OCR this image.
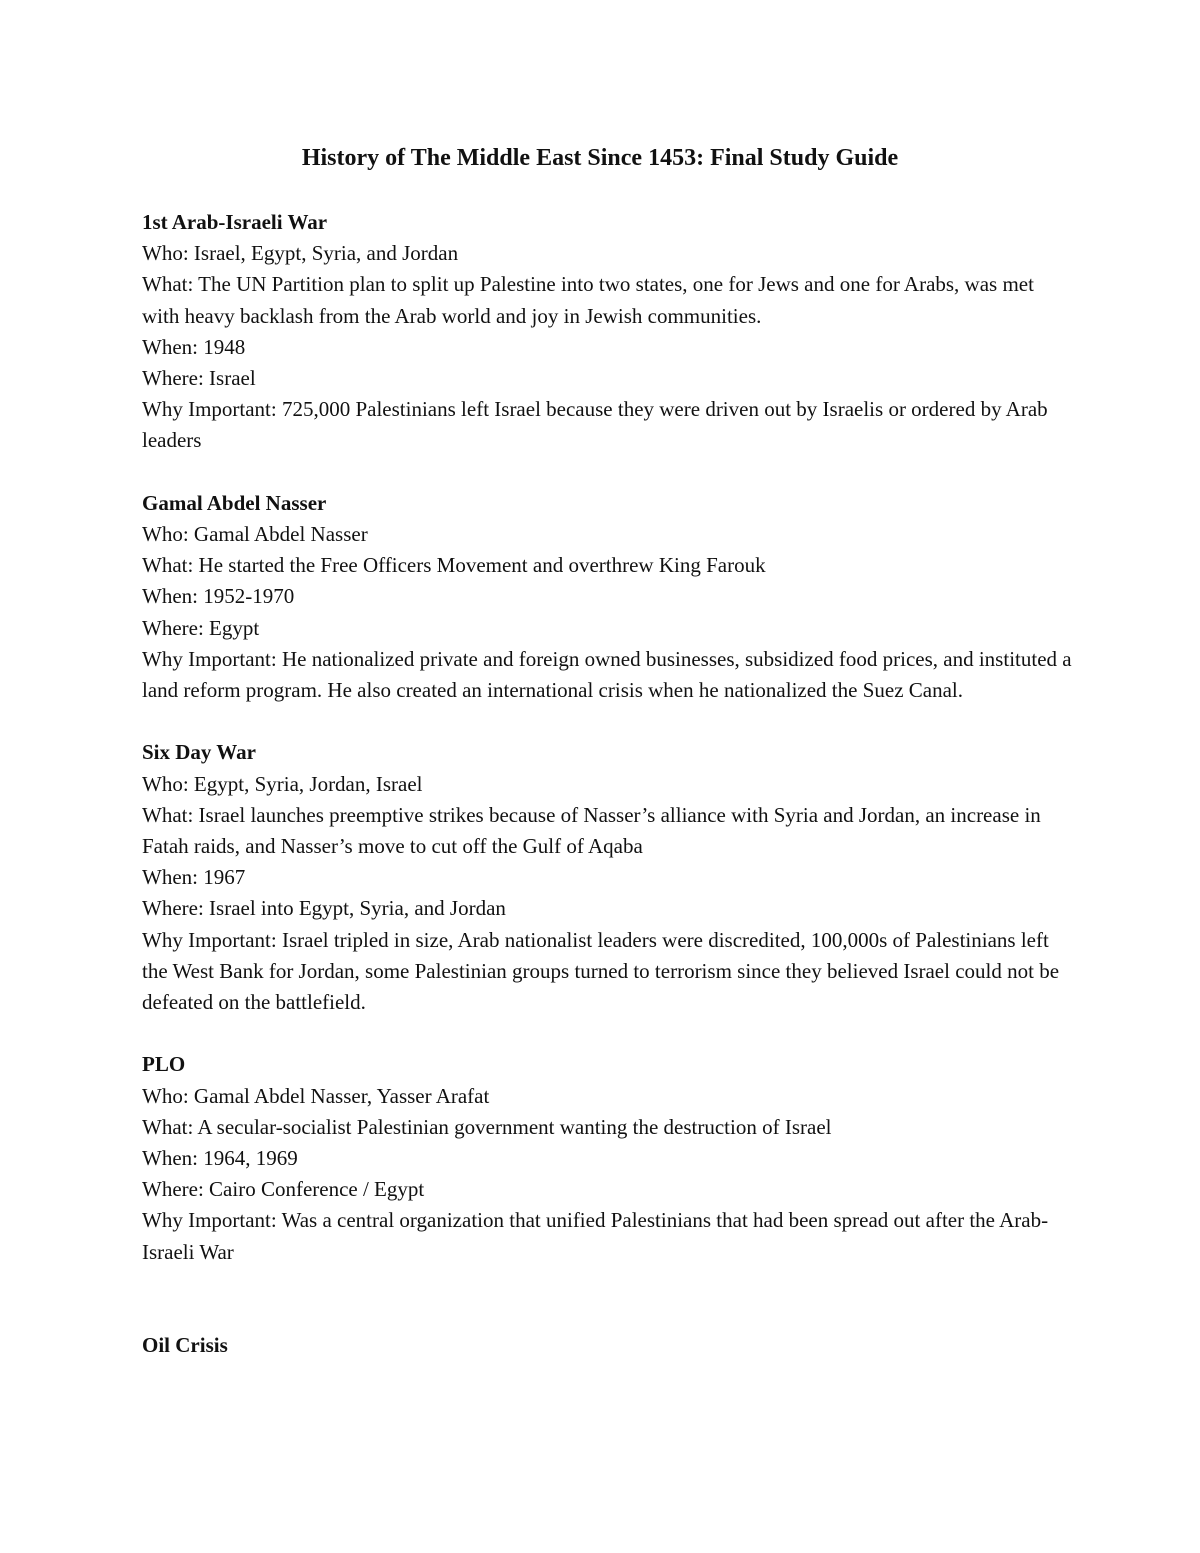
History of The Middle East Since 1453: Final Study Guide

1st Arab-Israeli War

Who: Israel, Egypt, Syria, and Jordan

What: The UN Partition plan to split up Palestine into two states, one for Jews and one for Arabs, was met with heavy backlash from the Arab world and joy in Jewish communities.

When: 1948

Where: Israel

Why Important: 725,000 Palestinians left Israel because they were driven out by Israelis or ordered by Arab leaders

Gamal Abdel Nasser

Who: Gamal Abdel Nasser

What: He started the Free Officers Movement and overthrew King Farouk

When: 1952-1970

Where: Egypt

Why Important: He nationalized private and foreign owned businesses, subsidized food prices, and instituted a land reform program. He also created an international crisis when he nationalized the Suez Canal.

Six Day War

Who: Egypt, Syria, Jordan, Israel

What: Israel launches preemptive strikes because of Nasser’s alliance with Syria and Jordan, an increase in Fatah raids, and Nasser’s move to cut off the Gulf of Aqaba

When: 1967

Where: Israel into Egypt, Syria, and Jordan

Why Important: Israel tripled in size, Arab nationalist leaders were discredited, 100,000s of Palestinians left the West Bank for Jordan, some Palestinian groups turned to terrorism since they believed Israel could not be defeated on the battlefield.

PLO

Who: Gamal Abdel Nasser, Yasser Arafat

What: A secular-socialist Palestinian government wanting the destruction of Israel

When: 1964, 1969

Where: Cairo Conference / Egypt

Why Important: Was a central organization that unified Palestinians that had been spread out after the Arab-Israeli War

Oil Crisis
